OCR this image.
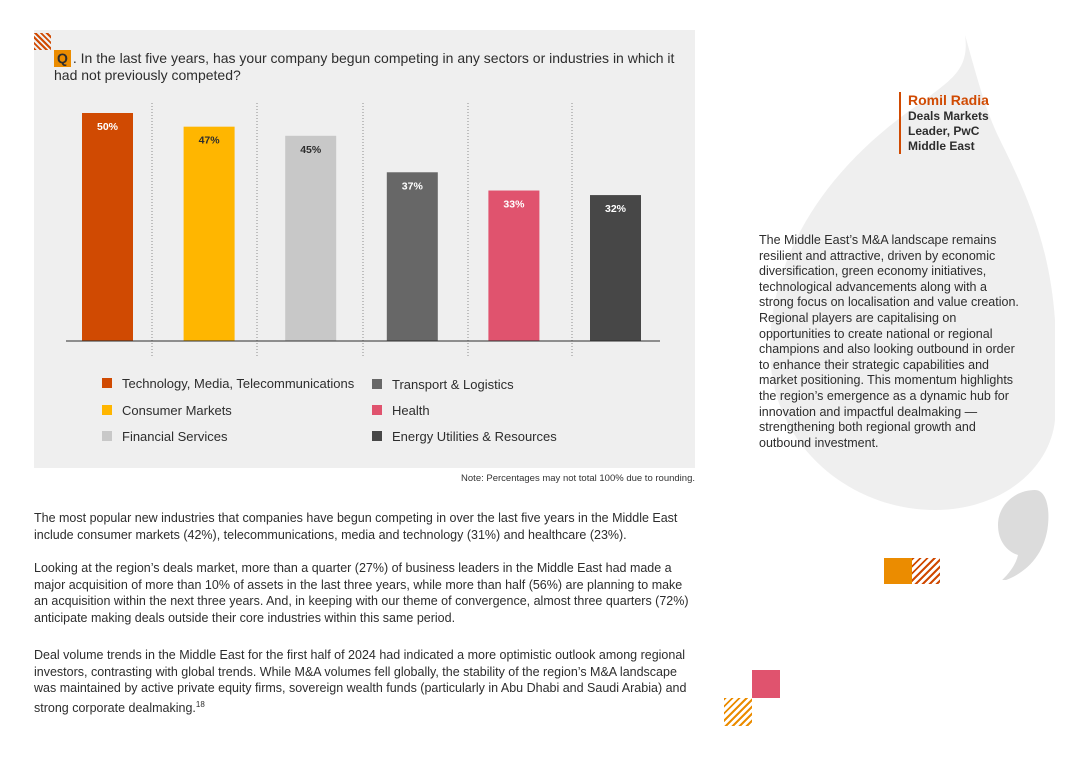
Q . In the last five years, has your company begun competing in any sectors or industries in which it had not previously competed?
50%
47%
45%
37%
33%	32%
Technology, Media, Telecommunications
Consumer Markets
Financial Services
Transport & Logistics
Health
Energy Utilities & Resources
Note: Percentages may not total 100% due to rounding.
The most popular new industries that companies have begun competing in over the last five years in the Middle East include consumer markets (42%), telecommunications, media and technology (31%) and healthcare (23%).
Looking at the region’s deals market, more than a quarter (27%) of business leaders in the Middle East had made a major acquisition of more than 10% of assets in the last three years, while more than half (56%) are planning to make an acquisition within the next three years. And, in keeping with our theme of convergence, almost three quarters (72%) anticipate making deals outside their core industries within this same period.
Deal volume trends in the Middle East for the first half of 2024 had indicated a more optimistic outlook among regional investors, contrasting with global trends. While M&A volumes fell globally, the stability of the region’s M&A landscape was maintained by active private equity firms, sovereign wealth funds (particularly in Abu Dhabi and Saudi Arabia) and strong corporate dealmaking.$^{18}$
Romil Radia
Deals Markets Leader, PwC Middle East
The Middle East’s M&A landscape remains resilient and attractive, driven by economic diversification, green economy initiatives, technological advancements along with a strong focus on localisation and value creation. Regional players are capitalising on opportunities to create national or regional champions and also looking outbound in order to enhance their strategic capabilities and market positioning. This momentum highlights the region’s emergence as a dynamic hub for innovation and impactful dealmaking — strengthening both regional growth and outbound investment.
